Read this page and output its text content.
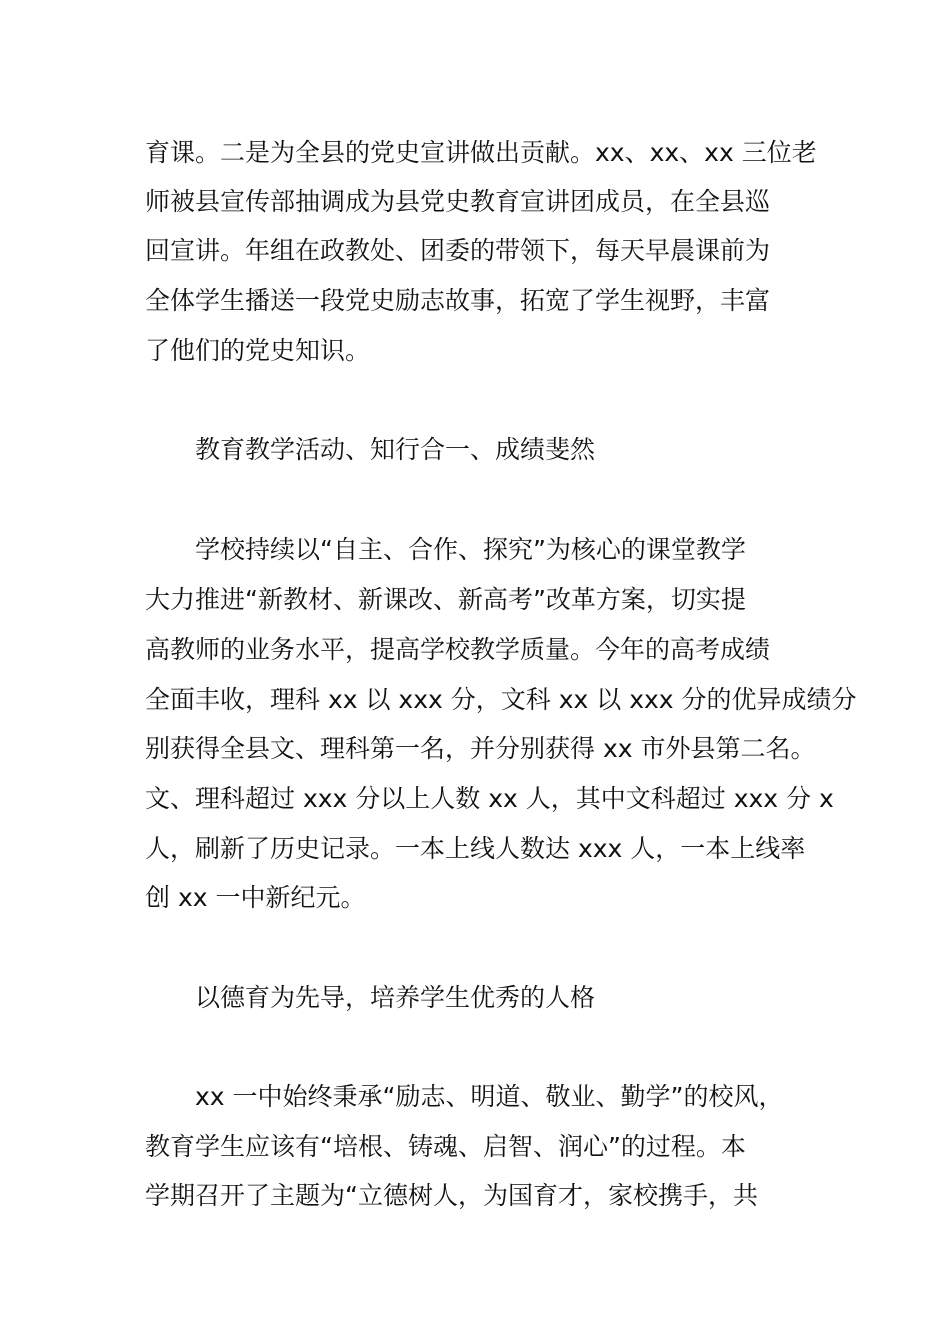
育课。二是为全县的党史宣讲做出贡献。xx、xx、xx 三位老
师被县宣传部抽调成为县党史教育宣讲团成员，在全县巡
回宣讲。年组在政教处、团委的带领下，每天早晨课前为
全体学生播送一段党史励志故事，拓宽了学生视野，丰富
了他们的党史知识。
教育教学活动、知行合一、成绩斐然
学校持续以“自主、合作、探究”为核心的课堂教学
大力推进“新教材、新课改、新高考”改革方案，切实提
高教师的业务水平，提高学校教学质量。今年的高考成绩
全面丰收，理科 xx 以 xxx 分，文科 xx 以 xxx 分的优异成绩分
别获得全县文、理科第一名，并分别获得 xx 市外县第二名。
文、理科超过 xxx 分以上人数 xx 人，其中文科超过 xxx 分 x
人，刷新了历史记录。一本上线人数达 xxx 人，一本上线率
创 xx 一中新纪元。
以德育为先导，培养学生优秀的人格
xx 一中始终秉承“励志、明道、敬业、勤学”的校风，
教育学生应该有“培根、铸魂、启智、润心”的过程。本
学期召开了主题为“立德树人，为国育才，家校携手，共
